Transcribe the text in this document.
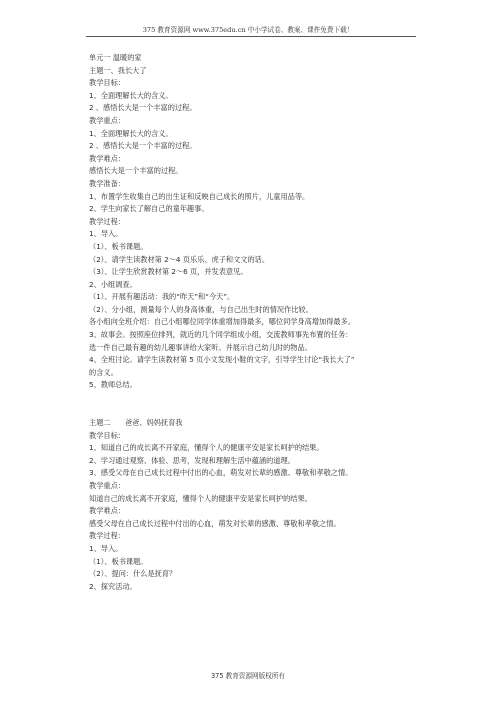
375 教育资源网 www.375edu.cn 中小学试卷、教案、课件免费下载！
单元一 温暖的家
主题一、我长大了
教学目标：
1、全面理解长大的含义。
2 、感悟长大是一个丰富的过程。
教学重点：
1、全面理解长大的含义。
2 、感悟长大是一个丰富的过程。
教学难点：
感悟长大是一个丰富的过程。
教学准备：
1、布置学生收集自己的出生证和反映自己成长的照片，儿童用品等。
2、学生向家长了解自己的童年趣事。
教学过程：
1、导入。
（1）、板书课题。
（2）、请学生读教材第 2～4 页乐乐、虎子和文文的话。
（3）、让学生欣赏教材第 2～6 页，并发表意见。
2、小组调查。
（1）、开展有趣活动：我的“昨天”和“今天”。
（2）、分小组，测量每个人的身高体重，与自己出生时的情况作比较。
各小组向全班介绍：自己小组哪位同学体重增加得最多，哪位同学身高增加得最多。
3、故事会。按照座位排列，就近的几个同学组成小组，交流教师事先布置的任务：
选一件自己最有趣的幼儿趣事讲给大家听。并展示自己幼儿时的物品。
4、全班讨论。请学生读教材第 5 页小文发现小鞋的文字，引导学生讨论“我长大了”
的含义。
5、教师总结。
主题二　　爸爸、妈妈抚育我
教学目标：
1、知道自己的成长离不开家庭，懂得个人的健康平安是家长呵护的结果。
2、学习通过观察、体验、思考，发现和理解生活中蕴涵的道理。
3、感受父母在自己成长过程中付出的心血，萌发对长辈的感激、尊敬和孝敬之情。
教学重点：
知道自己的成长离不开家庭，懂得个人的健康平安是家长呵护的结果。
教学难点：
感受父母在自己成长过程中付出的心血，萌发对长辈的感激、尊敬和孝敬之情。
教学过程：
1、导入。
（1）、板书课题。
（2）、提问：什么是抚育？
2、探究活动。
375 教育资源网版权所有
